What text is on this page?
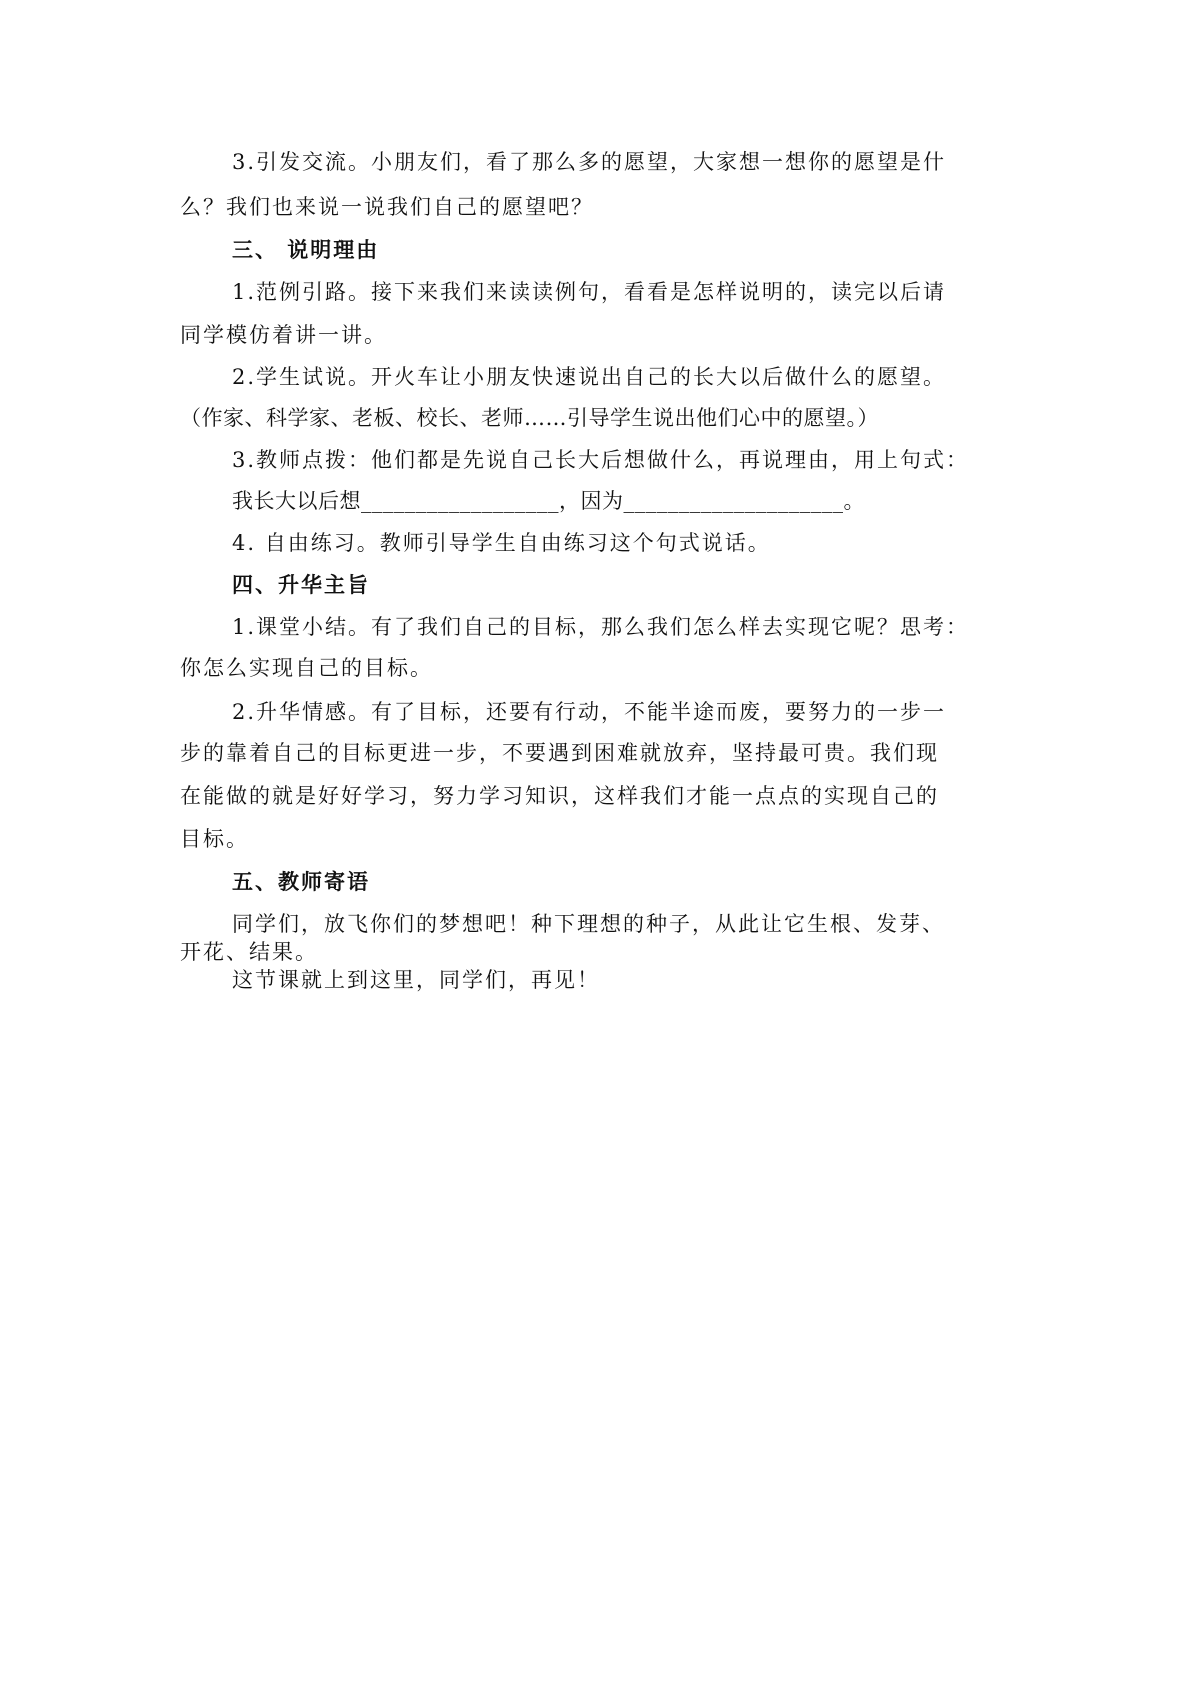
3.引发交流。小朋友们，看了那么多的愿望，大家想一想你的愿望是什
么？我们也来说一说我们自己的愿望吧？
三、 说明理由
1.范例引路。接下来我们来读读例句，看看是怎样说明的，读完以后请
同学模仿着讲一讲。
2.学生试说。开火车让小朋友快速说出自己的长大以后做什么的愿望。
（作家、科学家、老板、校长、老师……引导学生说出他们心中的愿望。）
3.教师点拨：他们都是先说自己长大后想做什么，再说理由，用上句式：
我长大以后想__________________，因为____________________。
4. 自由练习。教师引导学生自由练习这个句式说话。
四、升华主旨
1.课堂小结。有了我们自己的目标，那么我们怎么样去实现它呢？思考：
你怎么实现自己的目标。
2.升华情感。有了目标，还要有行动，不能半途而废，要努力的一步一
步的靠着自己的目标更进一步，不要遇到困难就放弃，坚持最可贵。我们现
在能做的就是好好学习，努力学习知识，这样我们才能一点点的实现自己的
目标。
五、教师寄语
同学们，放飞你们的梦想吧！种下理想的种子，从此让它生根、发芽、
开花、结果。
这节课就上到这里，同学们，再见！
